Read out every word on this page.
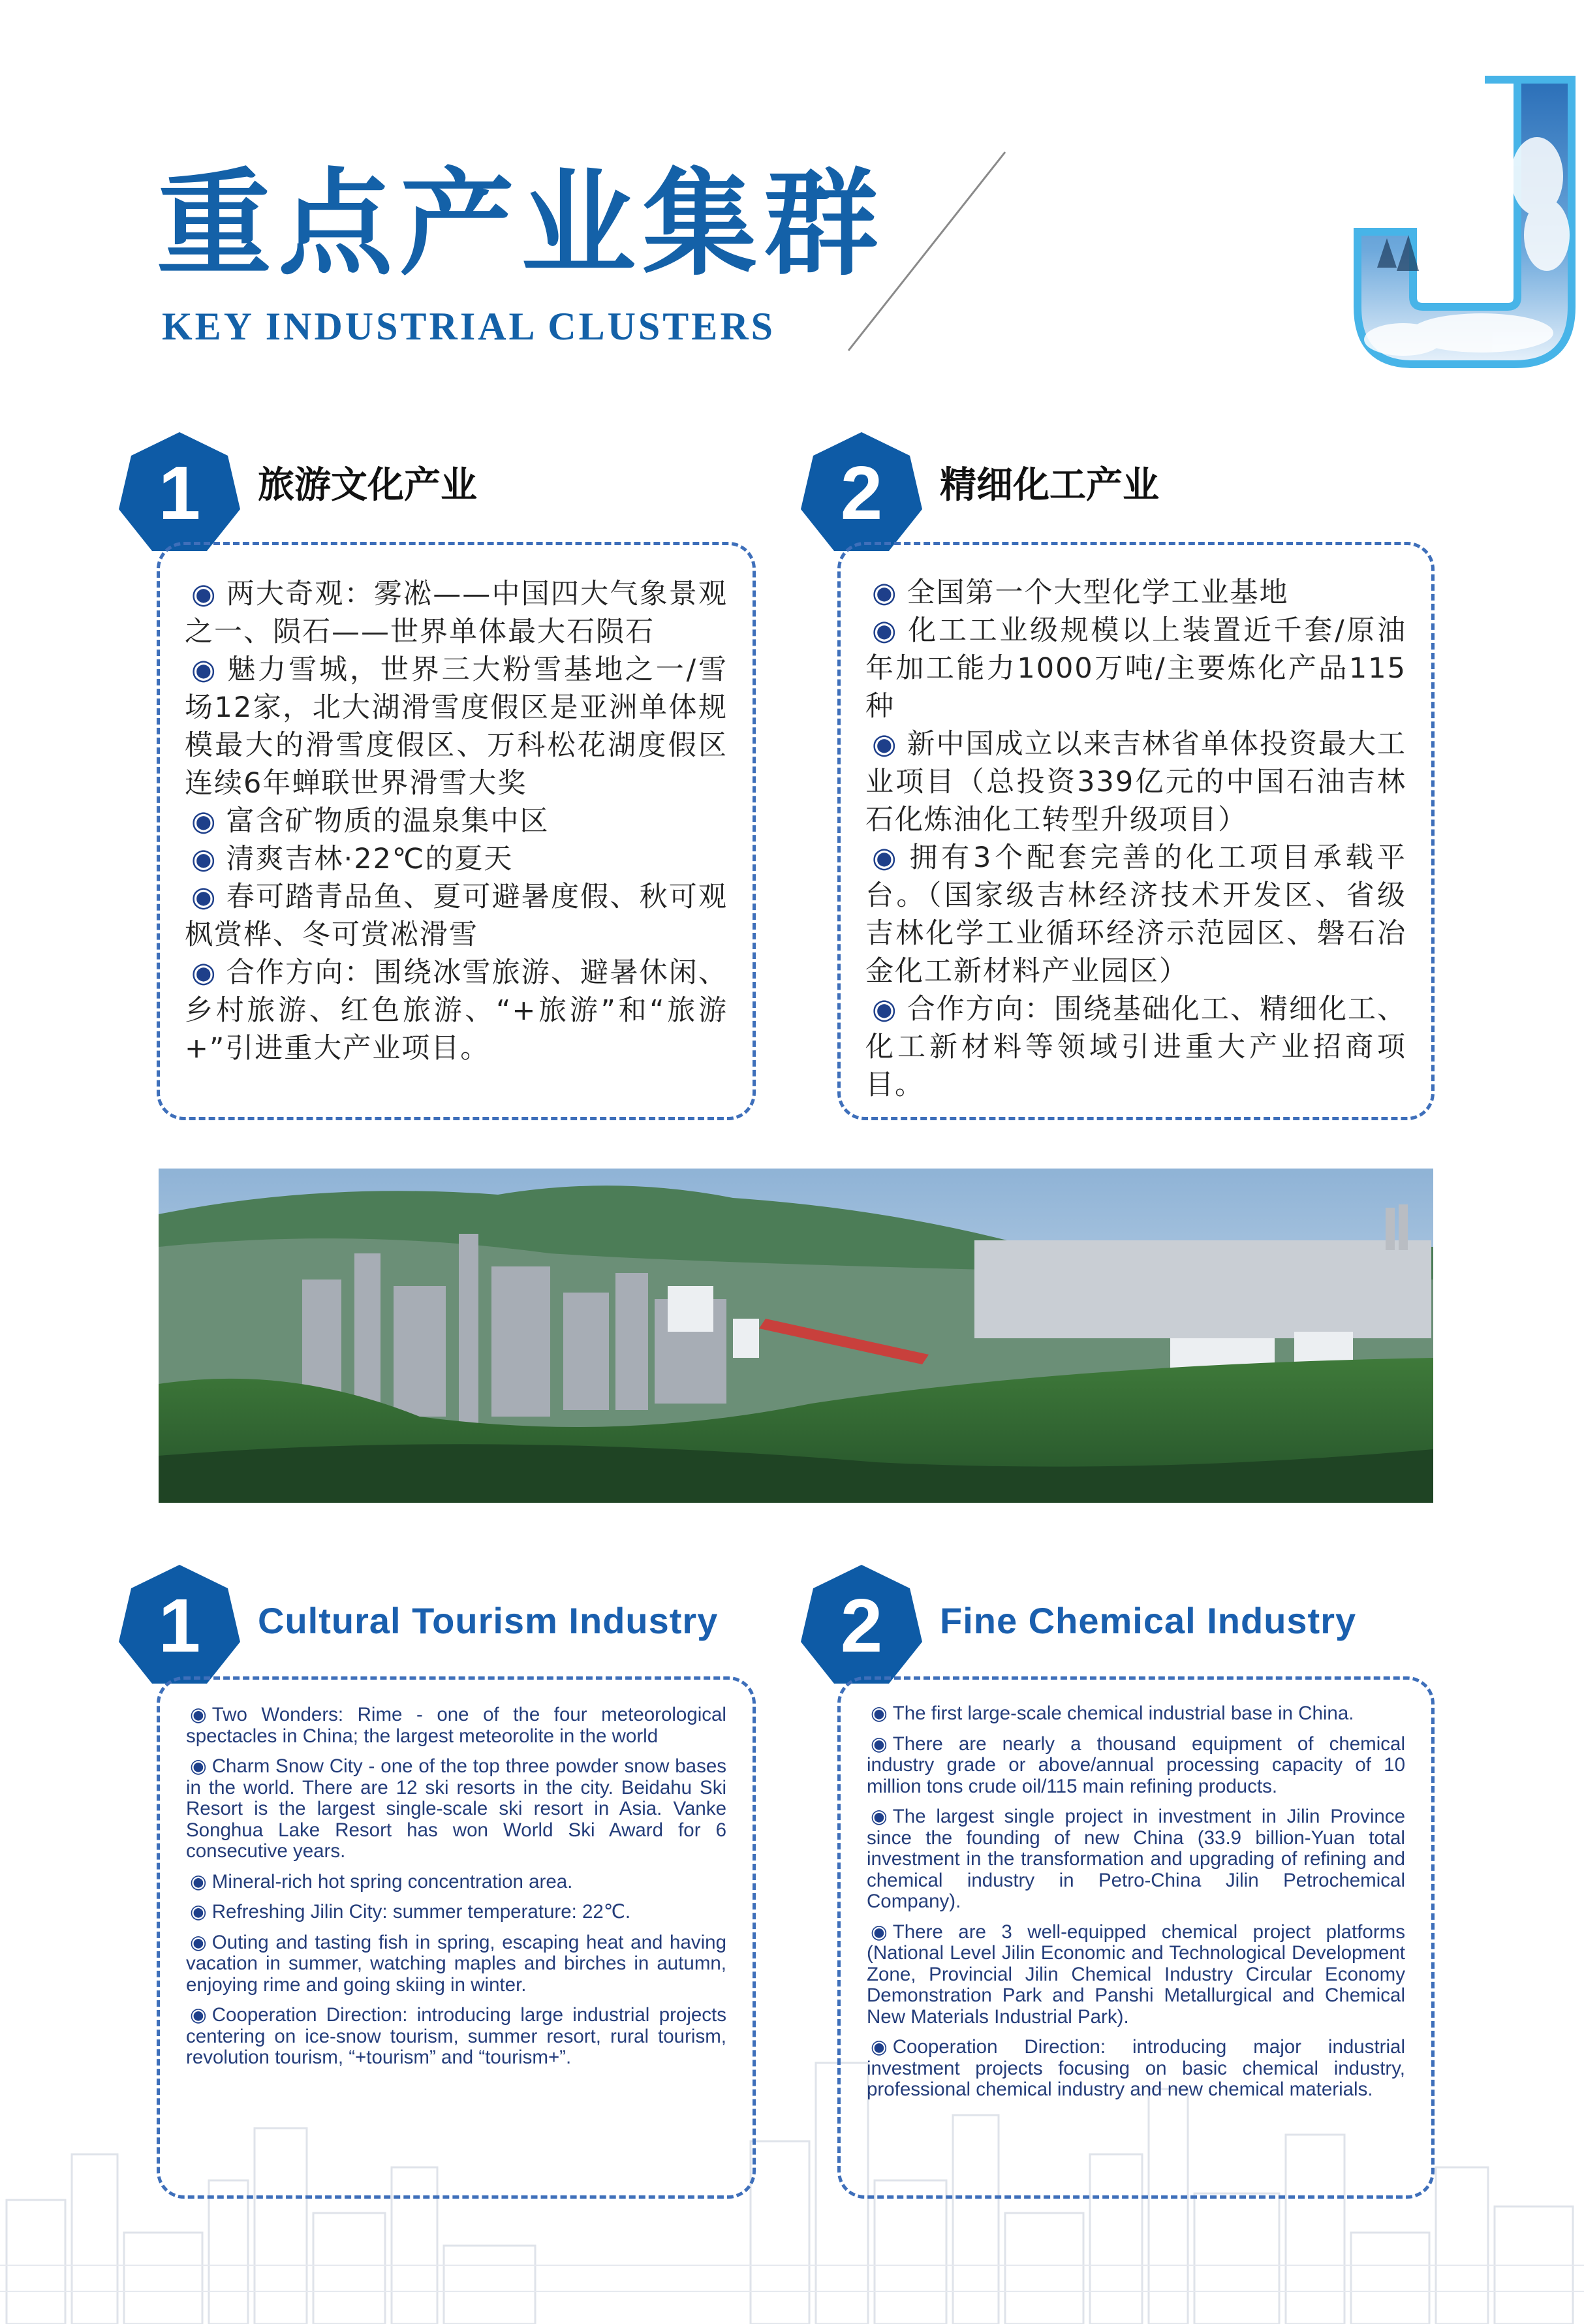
重点产业集群
KEY INDUSTRIAL CLUSTERS
1	旅游文化产业
◉ 两大奇观：雾凇——中国四大气象景观之一、陨石——世界单体最大石陨石
◉ 魅力雪城，世界三大粉雪基地之一/雪场12家，北大湖滑雪度假区是亚洲单体规模最大的滑雪度假区、万科松花湖度假区连续6年蝉联世界滑雪大奖
◉ 富含矿物质的温泉集中区
◉ 清爽吉林·22℃的夏天
◉ 春可踏青品鱼、夏可避暑度假、秋可观枫赏桦、冬可赏凇滑雪
◉ 合作方向：围绕冰雪旅游、避暑休闲、乡村旅游、红色旅游、“+旅游”和“旅游+”引进重大产业项目。
2	精细化工产业
◉ 全国第一个大型化学工业基地
◉ 化工工业级规模以上装置近千套/原油年加工能力1000万吨/主要炼化产品115种
◉ 新中国成立以来吉林省单体投资最大工业项目（总投资339亿元的中国石油吉林石化炼油化工转型升级项目）
◉ 拥有3个配套完善的化工项目承载平台。（国家级吉林经济技术开发区、省级吉林化学工业循环经济示范园区、磐石冶金化工新材料产业园区）
◉ 合作方向：围绕基础化工、精细化工、化工新材料等领域引进重大产业招商项目。
1	Cultural Tourism Industry
◉ Two Wonders: Rime - one of the four meteorological spectacles in China; the largest meteorolite in the world
◉ Charm Snow City - one of the top three powder snow bases in the world. There are 12 ski resorts in the city. Beidahu Ski Resort is the largest single-scale ski resort in Asia. Vanke Songhua Lake Resort has won World Ski Award for 6 consecutive years.
◉ Mineral-rich hot spring concentration area.
◉ Refreshing Jilin City: summer temperature: 22℃.
◉ Outing and tasting fish in spring, escaping heat and having vacation in summer, watching maples and birches in autumn, enjoying rime and going skiing in winter.
◉ Cooperation Direction: introducing large industrial projects centering on ice-snow tourism, summer resort, rural tourism, revolution tourism, “+tourism” and “tourism+”.
2	Fine Chemical Industry
◉ The first large-scale chemical industrial base in China.
◉ There are nearly a thousand equipment of chemical industry grade or above/annual processing capacity of 10 million tons crude oil/115 main refining products.
◉ The largest single project in investment in Jilin Province since the founding of new China (33.9 billion-Yuan total investment in the transformation and upgrading of refining and chemical industry in Petro-China Jilin Petrochemical Company).
◉ There are 3 well-equipped chemical project platforms (National Level Jilin Economic and Technological Development Zone, Provincial Jilin Chemical Industry Circular Economy Demonstration Park and Panshi Metallurgical and Chemical New Materials Industrial Park).
◉ Cooperation Direction: introducing major industrial investment projects focusing on basic chemical industry, professional chemical industry and new chemical materials.
